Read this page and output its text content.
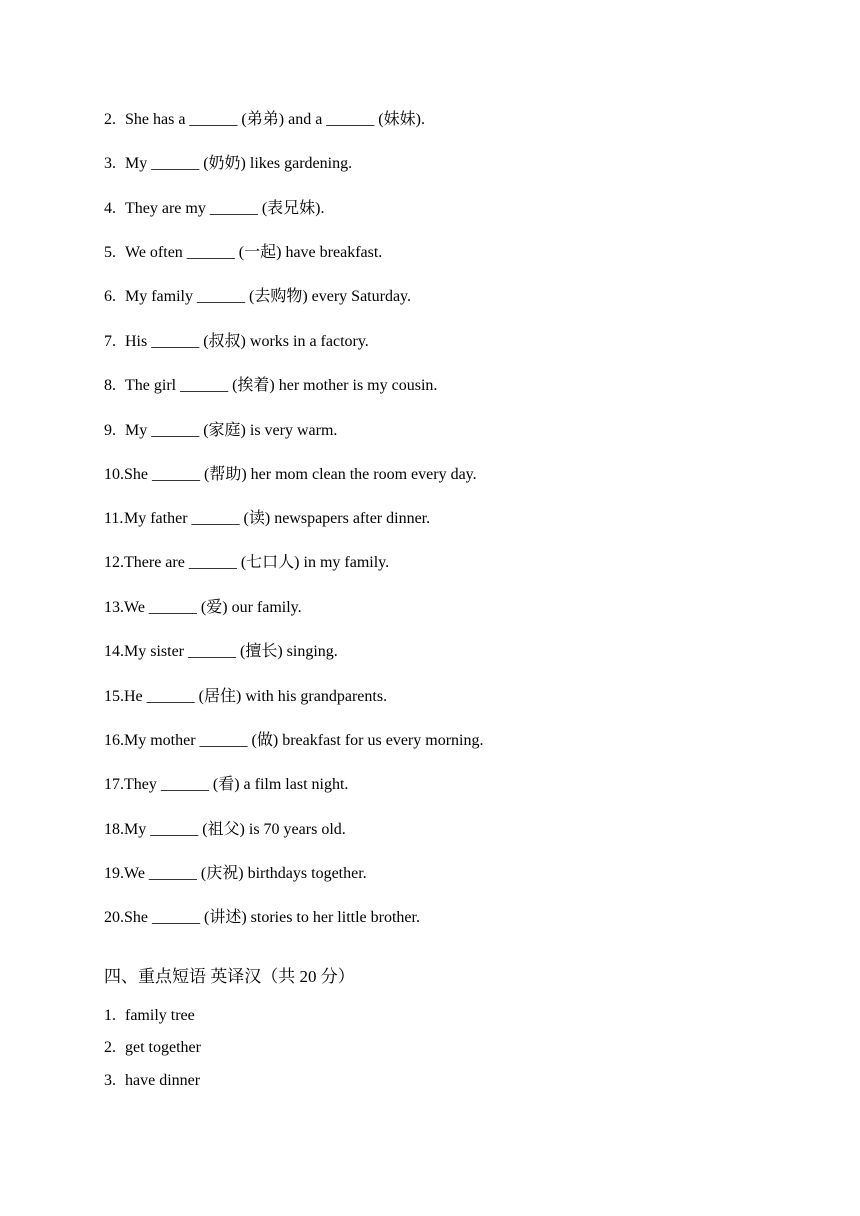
2. She has a ______ (弟弟) and a ______ (妹妹).
3. My ______ (奶奶) likes gardening.
4. They are my ______ (表兄妹).
5. We often ______ (一起) have breakfast.
6. My family ______ (去购物) every Saturday.
7. His ______ (叔叔) works in a factory.
8. The girl ______ (挨着) her mother is my cousin.
9. My ______ (家庭) is very warm.
10.She ______ (帮助) her mom clean the room every day.
11.My father ______ (读) newspapers after dinner.
12.There are ______ (七口人) in my family.
13.We ______ (爱) our family.
14.My sister ______ (擅长) singing.
15.He ______ (居住) with his grandparents.
16.My mother ______ (做) breakfast for us every morning.
17.They ______ (看) a film last night.
18.My ______ (祖父) is 70 years old.
19.We ______ (庆祝) birthdays together.
20.She ______ (讲述) stories to her little brother.
四、重点短语 英译汉（共 20 分）
1. family tree
2. get together
3. have dinner
